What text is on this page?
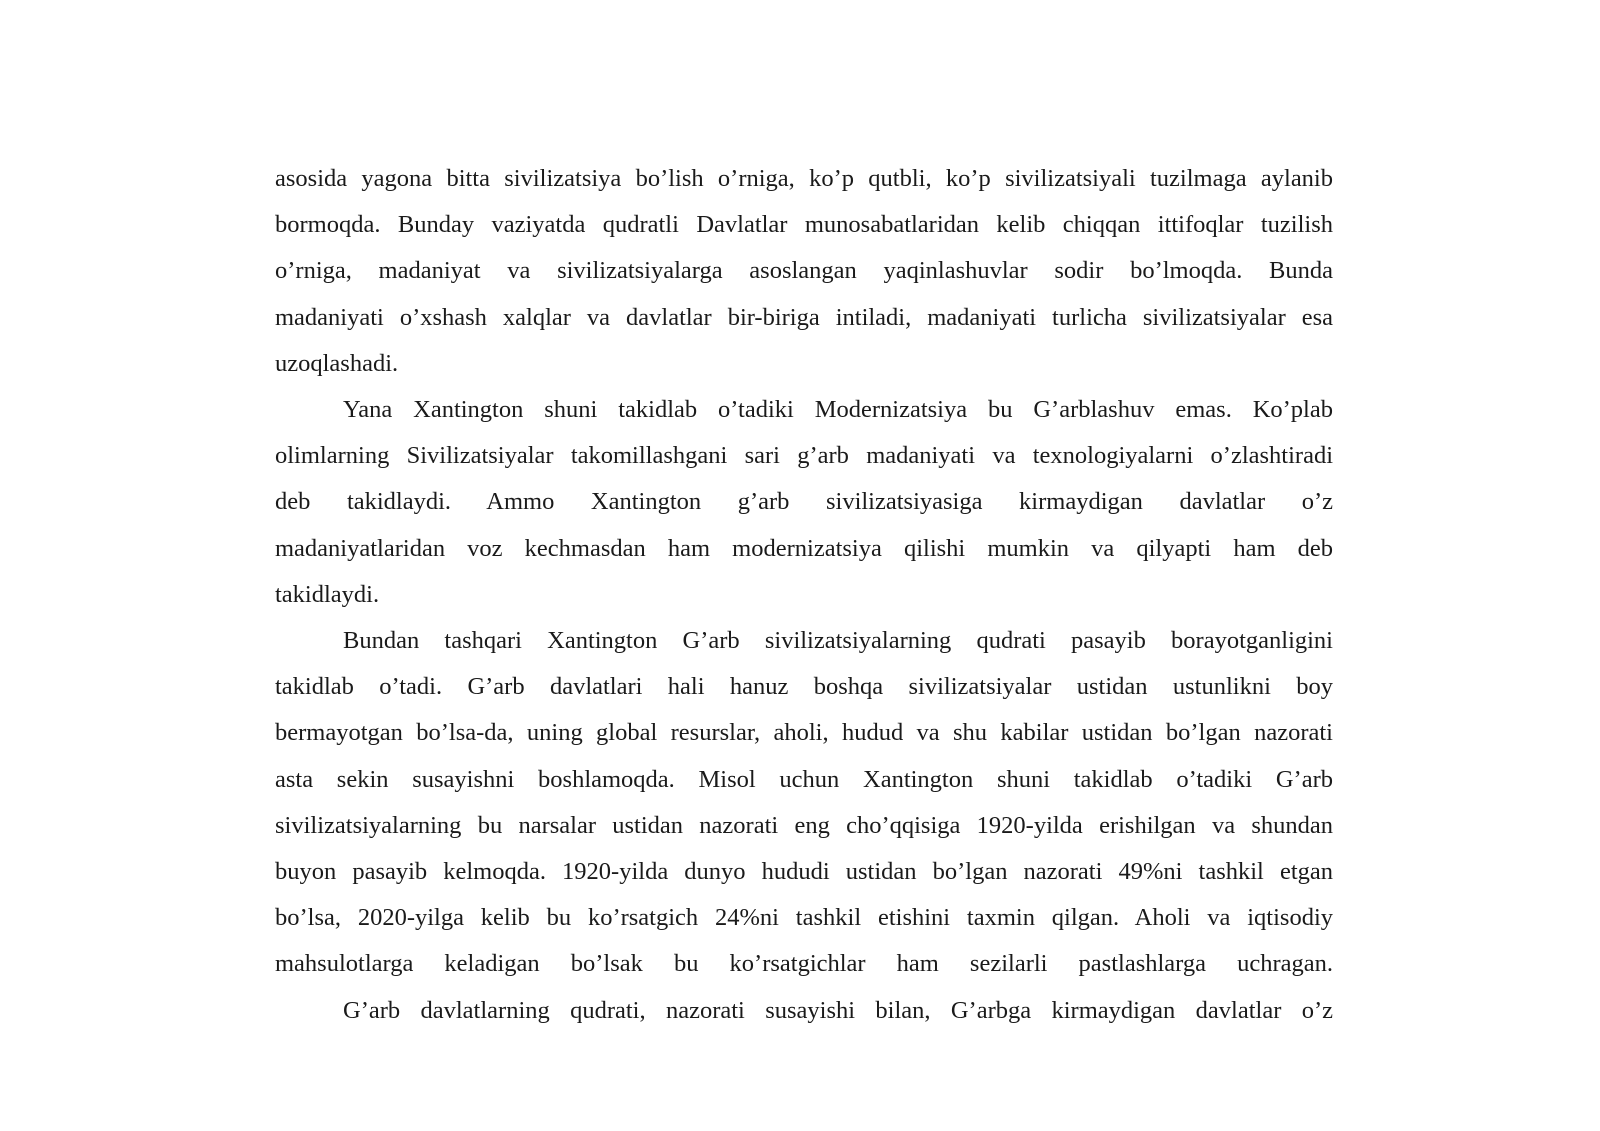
asosida yagona bitta sivilizatsiya bo’lish o’rniga, ko’p qutbli, ko’p sivilizatsiyali tuzilmaga aylanib
bormoqda. Bunday vaziyatda qudratli Davlatlar munosabatlaridan kelib chiqqan ittifoqlar tuzilish
o’rniga, madaniyat va sivilizatsiyalarga asoslangan yaqinlashuvlar sodir bo’lmoqda. Bunda
madaniyati o’xshash xalqlar va davlatlar bir-biriga intiladi, madaniyati turlicha sivilizatsiyalar esa
uzoqlashadi.
Yana Xantington shuni takidlab o’tadiki Modernizatsiya bu G’arblashuv emas. Ko’plab
olimlarning Sivilizatsiyalar takomillashgani sari g’arb madaniyati va texnologiyalarni o’zlashtiradi
deb takidlaydi. Ammo Xantington g’arb sivilizatsiyasiga kirmaydigan davlatlar o’z
madaniyatlaridan voz kechmasdan ham modernizatsiya qilishi mumkin va qilyapti ham deb
takidlaydi.
Bundan tashqari Xantington G’arb sivilizatsiyalarning qudrati pasayib borayotganligini
takidlab o’tadi. G’arb davlatlari hali hanuz boshqa sivilizatsiyalar ustidan ustunlikni boy
bermayotgan bo’lsa-da, uning global resurslar, aholi, hudud va shu kabilar ustidan bo’lgan nazorati
asta sekin susayishni boshlamoqda. Misol uchun Xantington shuni takidlab o’tadiki G’arb
sivilizatsiyalarning bu narsalar ustidan nazorati eng cho’qqisiga 1920-yilda erishilgan va shundan
buyon pasayib kelmoqda. 1920-yilda dunyo hududi ustidan bo’lgan nazorati 49%ni tashkil etgan
bo’lsa, 2020-yilga kelib bu ko’rsatgich 24%ni tashkil etishini taxmin qilgan. Aholi va iqtisodiy
mahsulotlarga keladigan bo’lsak bu ko’rsatgichlar ham sezilarli pastlashlarga uchragan.
G’arb davlatlarning qudrati, nazorati susayishi bilan, G’arbga kirmaydigan davlatlar o’z
